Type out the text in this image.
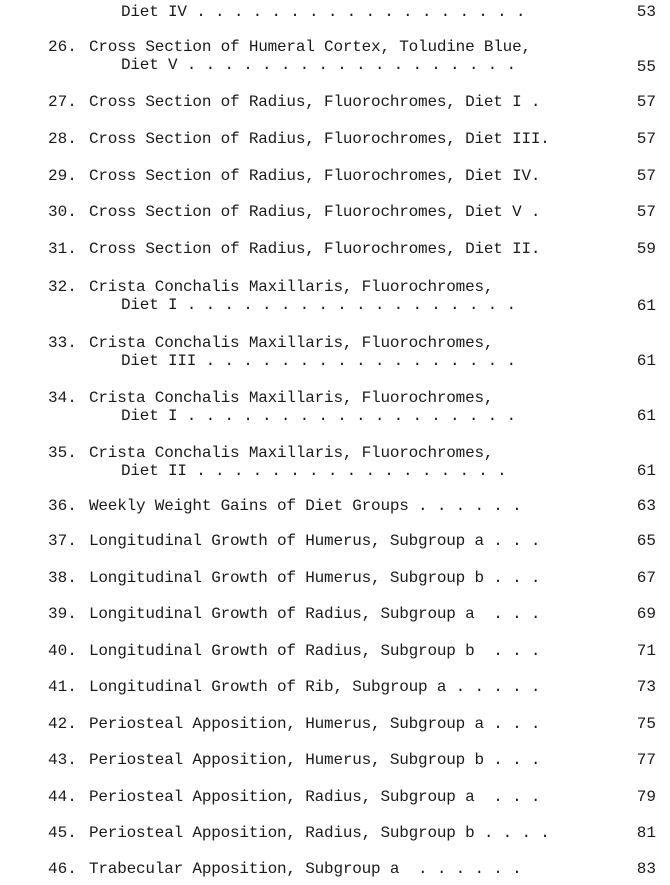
Diet IV . . . . . . . . . . . . . . . . . .	53
26. Cross Section of Humeral Cortex, Toludine Blue,
Diet V . . . . . . . . . . . . . . . . . .	55
27. Cross Section of Radius, Fluorochromes, Diet I .	57
28. Cross Section of Radius, Fluorochromes, Diet III.	57
29. Cross Section of Radius, Fluorochromes, Diet IV.	57
30. Cross Section of Radius, Fluorochromes, Diet V .	57
31. Cross Section of Radius, Fluorochromes, Diet II.	59
32. Crista Conchalis Maxillaris, Fluorochromes,
Diet I . . . . . . . . . . . . . . . . . .	61
33. Crista Conchalis Maxillaris, Fluorochromes,
Diet III . . . . . . . . . . . . . . . . .	61
34. Crista Conchalis Maxillaris, Fluorochromes,
Diet I . . . . . . . . . . . . . . . . . .	61
35. Crista Conchalis Maxillaris, Fluorochromes,
Diet II . . . . . . . . . . . . . . . . .	61
36. Weekly Weight Gains of Diet Groups . . . . . .	63
37. Longitudinal Growth of Humerus, Subgroup a . . .	65
38. Longitudinal Growth of Humerus, Subgroup b . . .	67
39. Longitudinal Growth of Radius, Subgroup a  . . .	69
40. Longitudinal Growth of Radius, Subgroup b  . . .	71
41. Longitudinal Growth of Rib, Subgroup a . . . . .	73
42. Periosteal Apposition, Humerus, Subgroup a . . .	75
43. Periosteal Apposition, Humerus, Subgroup b . . .	77
44. Periosteal Apposition, Radius, Subgroup a  . . .	79
45. Periosteal Apposition, Radius, Subgroup b . . . .	81
46. Trabecular Apposition, Subgroup a  . . . . . .	83
